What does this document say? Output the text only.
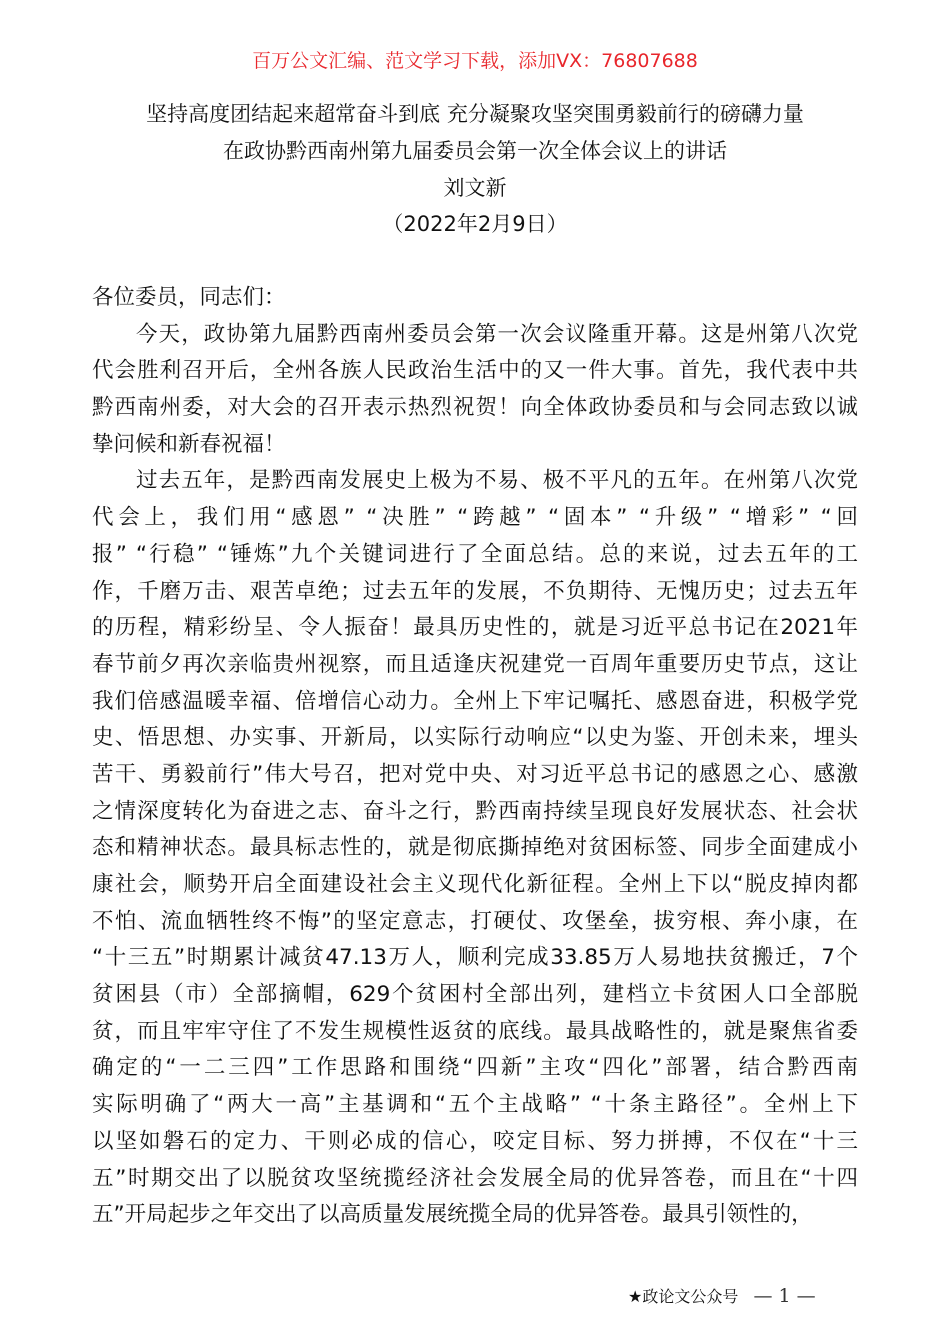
百万公文汇编、范文学习下载，添加VX：76807688
坚持高度团结起来超常奋斗到底 充分凝聚攻坚突围勇毅前行的磅礴力量
在政协黔西南州第九届委员会第一次全体会议上的讲话
刘文新
（2022年2月9日）
各位委员，同志们：
今天，政协第九届黔西南州委员会第一次会议隆重开幕。这是州第八次党
代会胜利召开后，全州各族人民政治生活中的又一件大事。首先，我代表中共
黔西南州委，对大会的召开表示热烈祝贺！向全体政协委员和与会同志致以诚
挚问候和新春祝福！
过去五年，是黔西南发展史上极为不易、极不平凡的五年。在州第八次党
代会上，我们用“感恩” “决胜” “跨越” “固本” “升级” “增彩” “回
报” “行稳” “锤炼”九个关键词进行了全面总结。总的来说，过去五年的工
作，千磨万击、艰苦卓绝；过去五年的发展，不负期待、无愧历史；过去五年
的历程，精彩纷呈、令人振奋！最具历史性的，就是习近平总书记在2021年
春节前夕再次亲临贵州视察，而且适逢庆祝建党一百周年重要历史节点，这让
我们倍感温暖幸福、倍增信心动力。全州上下牢记嘱托、感恩奋进，积极学党
史、悟思想、办实事、开新局，以实际行动响应“以史为鉴、开创未来，埋头
苦干、勇毅前行”伟大号召，把对党中央、对习近平总书记的感恩之心、感激
之情深度转化为奋进之志、奋斗之行，黔西南持续呈现良好发展状态、社会状
态和精神状态。最具标志性的，就是彻底撕掉绝对贫困标签、同步全面建成小
康社会，顺势开启全面建设社会主义现代化新征程。全州上下以“脱皮掉肉都
不怕、流血牺牲终不悔”的坚定意志，打硬仗、攻堡垒，拔穷根、奔小康，在
“十三五”时期累计减贫47.13万人，顺利完成33.85万人易地扶贫搬迁，7个
贫困县（市）全部摘帽，629个贫困村全部出列，建档立卡贫困人口全部脱
贫，而且牢牢守住了不发生规模性返贫的底线。最具战略性的，就是聚焦省委
确定的“一二三四”工作思路和围绕“四新”主攻“四化”部署，结合黔西南
实际明确了“两大一高”主基调和“五个主战略” “十条主路径”。全州上下
以坚如磐石的定力、干则必成的信心，咬定目标、努力拼搏，不仅在“十三
五”时期交出了以脱贫攻坚统揽经济社会发展全局的优异答卷，而且在“十四
五”开局起步之年交出了以高质量发展统揽全局的优异答卷。最具引领性的，
★政论文公众号 — 1 —
